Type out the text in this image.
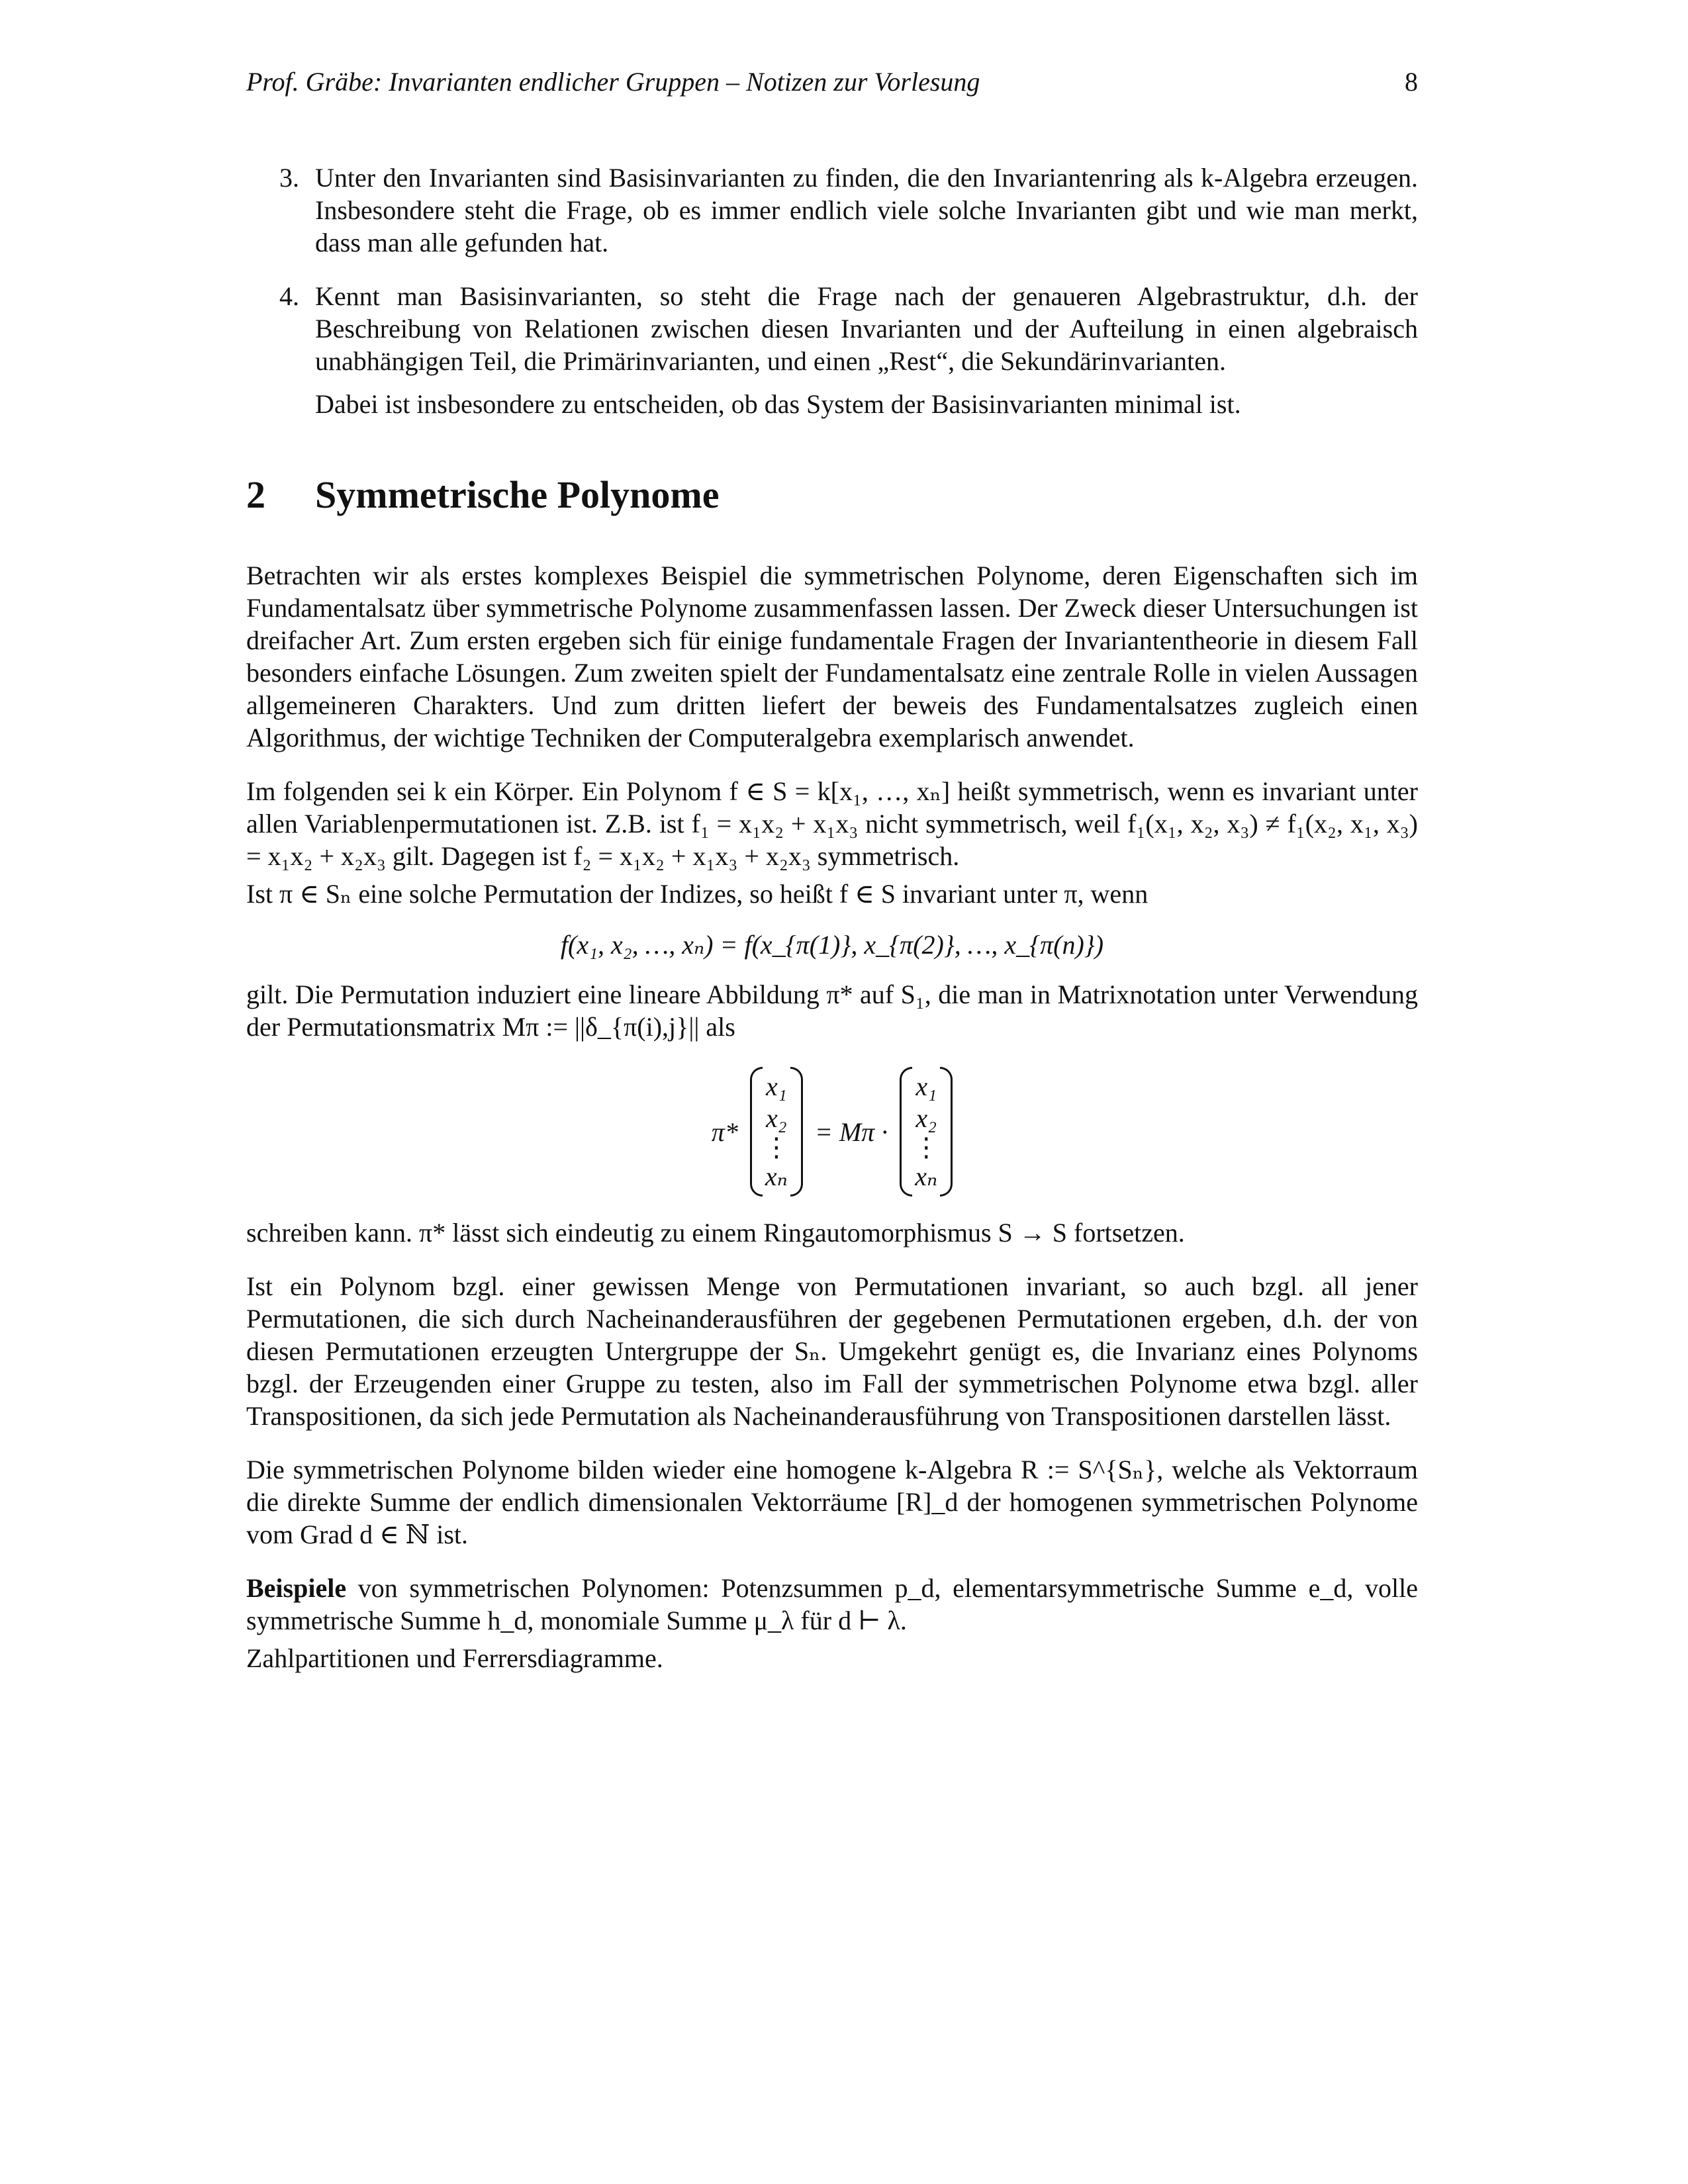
Prof. Gräbe: Invarianten endlicher Gruppen – Notizen zur Vorlesung	8
3. Unter den Invarianten sind Basisinvarianten zu finden, die den Invariantenring als k-Algebra erzeugen. Insbesondere steht die Frage, ob es immer endlich viele solche Invarianten gibt und wie man merkt, dass man alle gefunden hat.

4. Kennt man Basisinvarianten, so steht die Frage nach der genaueren Algebrastruktur, d.h. der Beschreibung von Relationen zwischen diesen Invarianten und der Aufteilung in einen algebraisch unabhängigen Teil, die Primärinvarianten, und einen „Rest“, die Sekundärinvarianten.

Dabei ist insbesondere zu entscheiden, ob das System der Basisinvarianten minimal ist.

2 Symmetrische Polynome

Betrachten wir als erstes komplexes Beispiel die symmetrischen Polynome, deren Eigenschaften sich im Fundamentalsatz über symmetrische Polynome zusammenfassen lassen. Der Zweck dieser Untersuchungen ist dreifacher Art. Zum ersten ergeben sich für einige fundamentale Fragen der Invariantentheorie in diesem Fall besonders einfache Lösungen. Zum zweiten spielt der Fundamentalsatz eine zentrale Rolle in vielen Aussagen allgemeineren Charakters. Und zum dritten liefert der beweis des Fundamentalsatzes zugleich einen Algorithmus, der wichtige Techniken der Computeralgebra exemplarisch anwendet.

Im folgenden sei k ein Körper. Ein Polynom f ∈ S = k[x₁, …, xₙ] heißt symmetrisch, wenn es invariant unter allen Variablenpermutationen ist. Z.B. ist f₁ = x₁x₂ + x₁x₃ nicht symmetrisch, weil f₁(x₁, x₂, x₃) ≠ f₁(x₂, x₁, x₃) = x₁x₂ + x₂x₃ gilt. Dagegen ist f₂ = x₁x₂ + x₁x₃ + x₂x₃ symmetrisch.

Ist π ∈ Sₙ eine solche Permutation der Indizes, so heißt f ∈ S invariant unter π, wenn

f(x₁, x₂, …, xₙ) = f(x_{π(1)}, x_{π(2)}, …, x_{π(n)})

gilt. Die Permutation induziert eine lineare Abbildung π* auf S₁, die man in Matrixnotation unter Verwendung der Permutationsmatrix Mπ := ||δ_{π(i),j}|| als

π*
x₁
x₂
⋮
xₙ
= Mπ ·
x₁
x₂
⋮
xₙ

schreiben kann. π* lässt sich eindeutig zu einem Ringautomorphismus S → S fortsetzen.

Ist ein Polynom bzgl. einer gewissen Menge von Permutationen invariant, so auch bzgl. all jener Permutationen, die sich durch Nacheinanderausführen der gegebenen Permutationen ergeben, d.h. der von diesen Permutationen erzeugten Untergruppe der Sₙ. Umgekehrt genügt es, die Invarianz eines Polynoms bzgl. der Erzeugenden einer Gruppe zu testen, also im Fall der symmetrischen Polynome etwa bzgl. aller Transpositionen, da sich jede Permutation als Nacheinanderausführung von Transpositionen darstellen lässt.

Die symmetrischen Polynome bilden wieder eine homogene k-Algebra R := S^{Sₙ}, welche als Vektorraum die direkte Summe der endlich dimensionalen Vektorräume [R]_d der homogenen symmetrischen Polynome vom Grad d ∈ ℕ ist.

Beispiele von symmetrischen Polynomen: Potenzsummen p_d, elementarsymmetrische Summe e_d, volle symmetrische Summe h_d, monomiale Summe μ_λ für d ⊢ λ.

Zahlpartitionen und Ferrersdiagramme.
